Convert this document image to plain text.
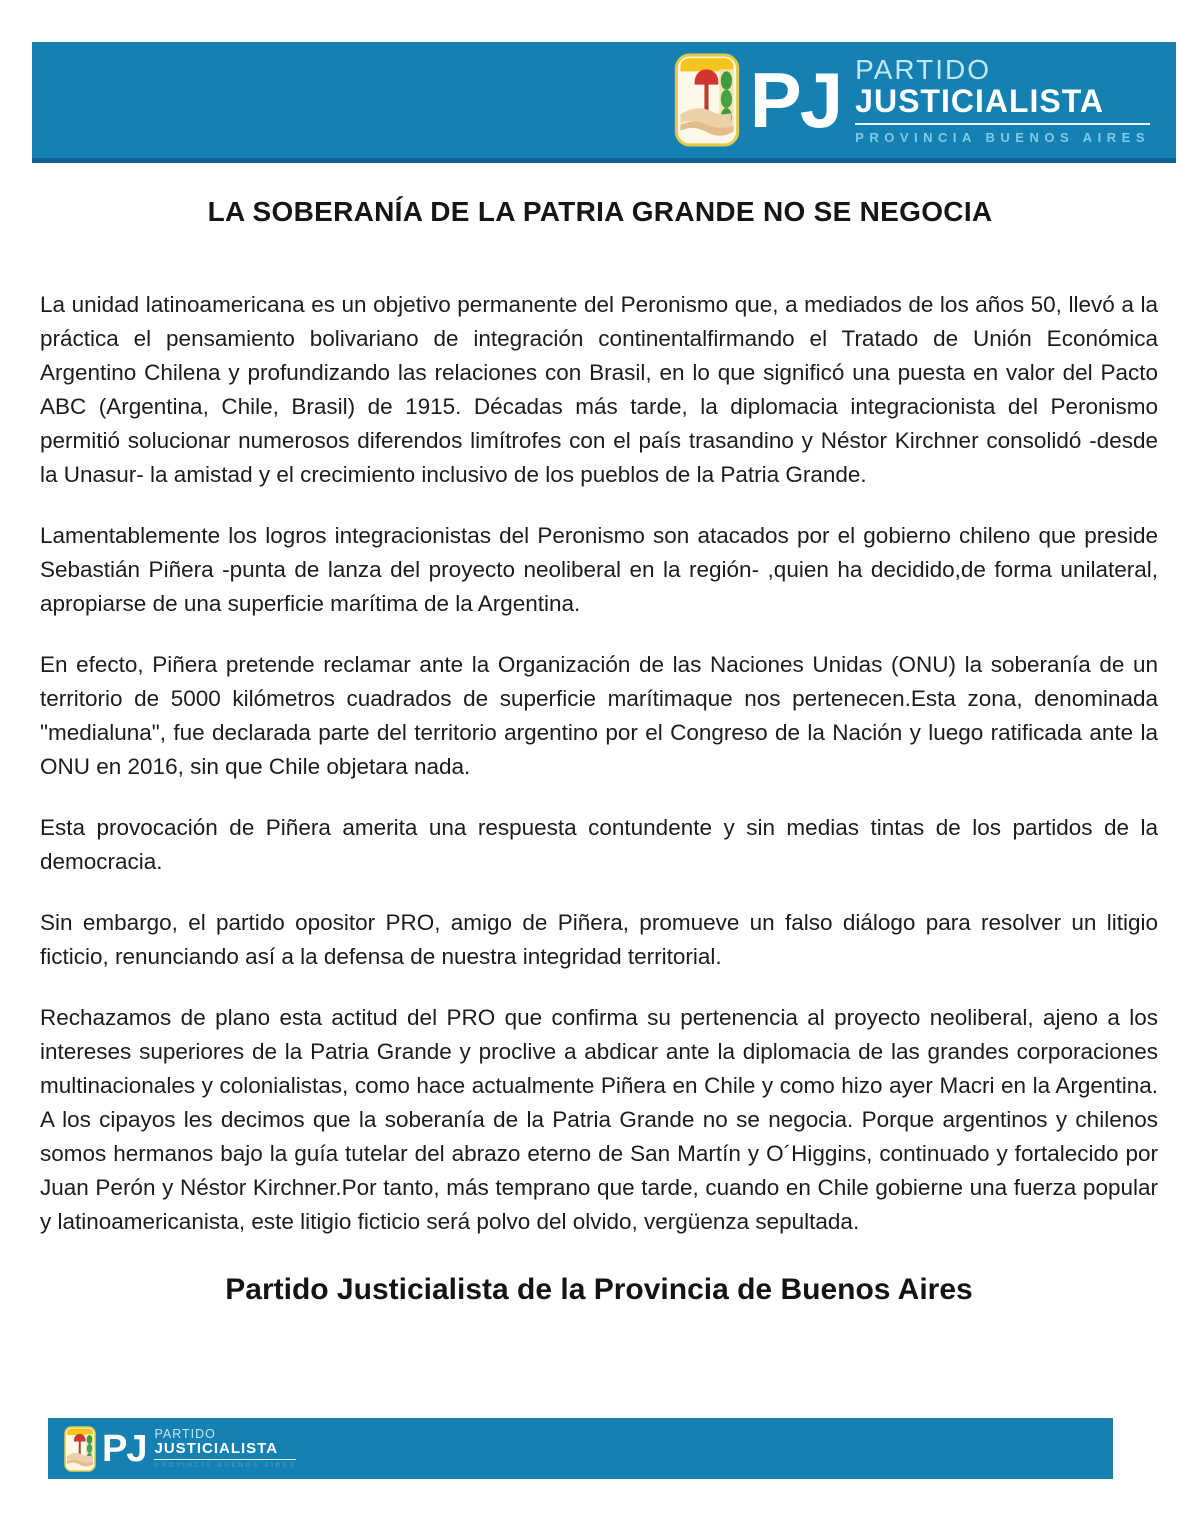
PJ PARTIDO
JUSTICIALISTA
PROVINCIA BUENOS AIRES
LA SOBERANÍA DE LA PATRIA GRANDE NO SE NEGOCIA

La unidad latinoamericana es un objetivo permanente del Peronismo que, a mediados de los años 50, llevó a la práctica el pensamiento bolivariano de integración continentalfirmando el Tratado de Unión Económica Argentino Chilena y profundizando las relaciones con Brasil, en lo que significó una puesta en valor del Pacto ABC (Argentina, Chile, Brasil) de 1915. Décadas más tarde, la diplomacia integracionista del Peronismo permitió solucionar numerosos diferendos limítrofes con el país trasandino y Néstor Kirchner consolidó -desde la Unasur- la amistad y el crecimiento inclusivo de los pueblos de la Patria Grande.

Lamentablemente los logros integracionistas del Peronismo son atacados por el gobierno chileno que preside Sebastián Piñera -punta de lanza del proyecto neoliberal en la región- ,quien ha decidido,de forma unilateral, apropiarse de una superficie marítima de la Argentina.

En efecto, Piñera pretende reclamar ante la Organización de las Naciones Unidas (ONU) la soberanía de un territorio de 5000 kilómetros cuadrados de superficie marítimaque nos pertenecen.Esta zona, denominada "medialuna", fue declarada parte del territorio argentino por el Congreso de la Nación y luego ratificada ante la ONU en 2016, sin que Chile objetara nada.

Esta provocación de Piñera amerita una respuesta contundente y sin medias tintas de los partidos de la democracia.

Sin embargo, el partido opositor PRO, amigo de Piñera, promueve un falso diálogo para resolver un litigio ficticio, renunciando así a la defensa de nuestra integridad territorial.

Rechazamos de plano esta actitud del PRO que confirma su pertenencia al proyecto neoliberal, ajeno a los intereses superiores de la Patria Grande y proclive a abdicar ante la diplomacia de las grandes corporaciones multinacionales y colonialistas, como hace actualmente Piñera en Chile y como hizo ayer Macri en la Argentina. A los cipayos les decimos que la soberanía de la Patria Grande no se negocia. Porque argentinos y chilenos somos hermanos bajo la guía tutelar del abrazo eterno de San Martín y O´Higgins, continuado y fortalecido por Juan Perón y Néstor Kirchner.Por tanto, más temprano que tarde, cuando en Chile gobierne una fuerza popular y latinoamericanista, este litigio ficticio será polvo del olvido, vergüenza sepultada.

Partido Justicialista de la Provincia de Buenos Aires
PJ PARTIDO
JUSTICIALISTA
PROVINCIA BUENOS AIRES
